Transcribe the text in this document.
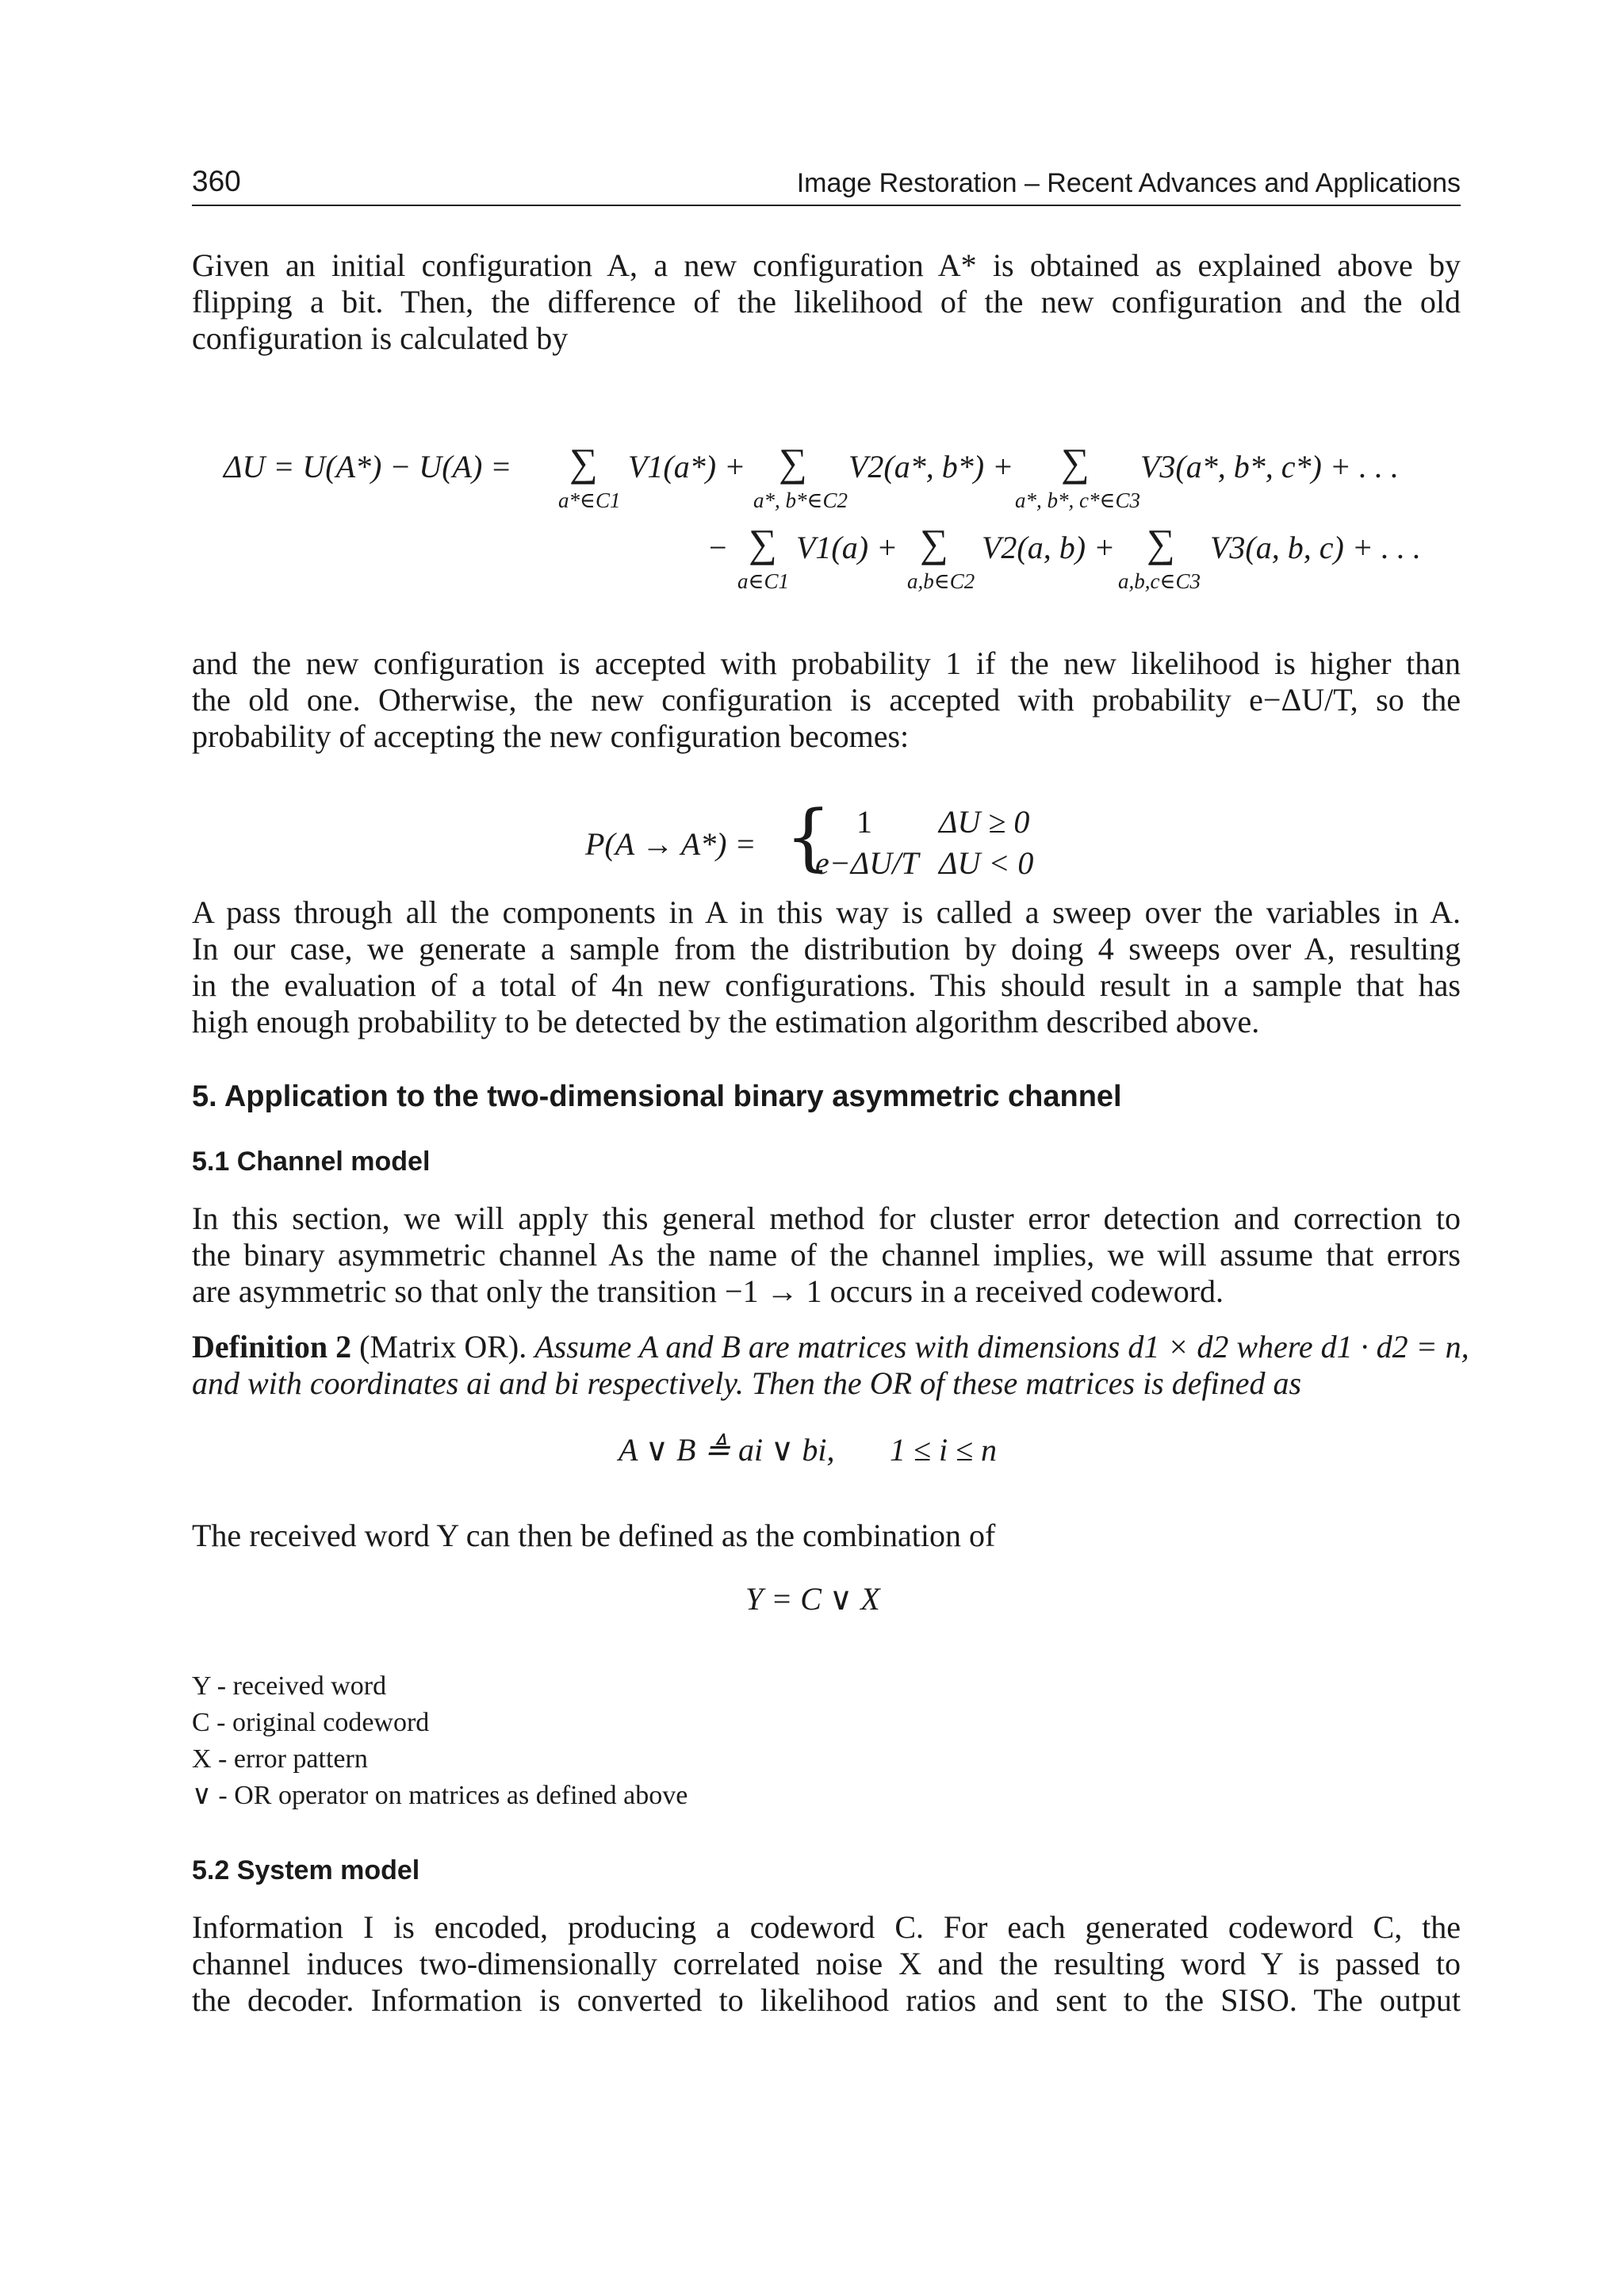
360	Image Restoration – Recent Advances and Applications

Given an initial configuration A, a new configuration A* is obtained as explained above by
flipping a bit. Then, the difference of the likelihood of the new configuration and the old
configuration is calculated by

ΔU = U(A*) − U(A) = ∑ V1(a*) +
a*∈C1
∑ V2(a*, b*) +
a*, b*∈C2
∑ V3(a*, b*, c*) + . . .
a*, b*, c*∈C3
− ∑ V1(a) +
a∈C1
∑ V2(a, b) +
a,b∈C2
∑ V3(a, b, c) + . . .
a,b,c∈C3

and the new configuration is accepted with probability 1 if the new likelihood is higher than
the old one. Otherwise, the new configuration is accepted with probability e−ΔU/T, so the
probability of accepting the new configuration becomes:

P(A → A*) = { 1 ΔU ≥ 0
e−ΔU/T ΔU < 0

A pass through all the components in A in this way is called a sweep over the variables in A.
In our case, we generate a sample from the distribution by doing 4 sweeps over A, resulting
in the evaluation of a total of 4n new configurations. This should result in a sample that has
high enough probability to be detected by the estimation algorithm described above.

5. Application to the two-dimensional binary asymmetric channel
5.1 Channel model

In this section, we will apply this general method for cluster error detection and correction to
the binary asymmetric channel As the name of the channel implies, we will assume that errors
are asymmetric so that only the transition −1 → 1 occurs in a received codeword.

Definition 2 (Matrix OR). Assume A and B are matrices with dimensions d1 × d2 where d1 · d2 = n,
and with coordinates ai and bi respectively. Then the OR of these matrices is defined as

A ∨ B ≜ ai ∨ bi, 1 ≤ i ≤ n

The received word Y can then be defined as the combination of

Y = C ∨ X
Y - received word
C - original codeword
X - error pattern
∨ - OR operator on matrices as defined above
5.2 System model

Information I is encoded, producing a codeword C. For each generated codeword C, the
channel induces two-dimensionally correlated noise X and the resulting word Y is passed to
the decoder. Information is converted to likelihood ratios and sent to the SISO. The output
